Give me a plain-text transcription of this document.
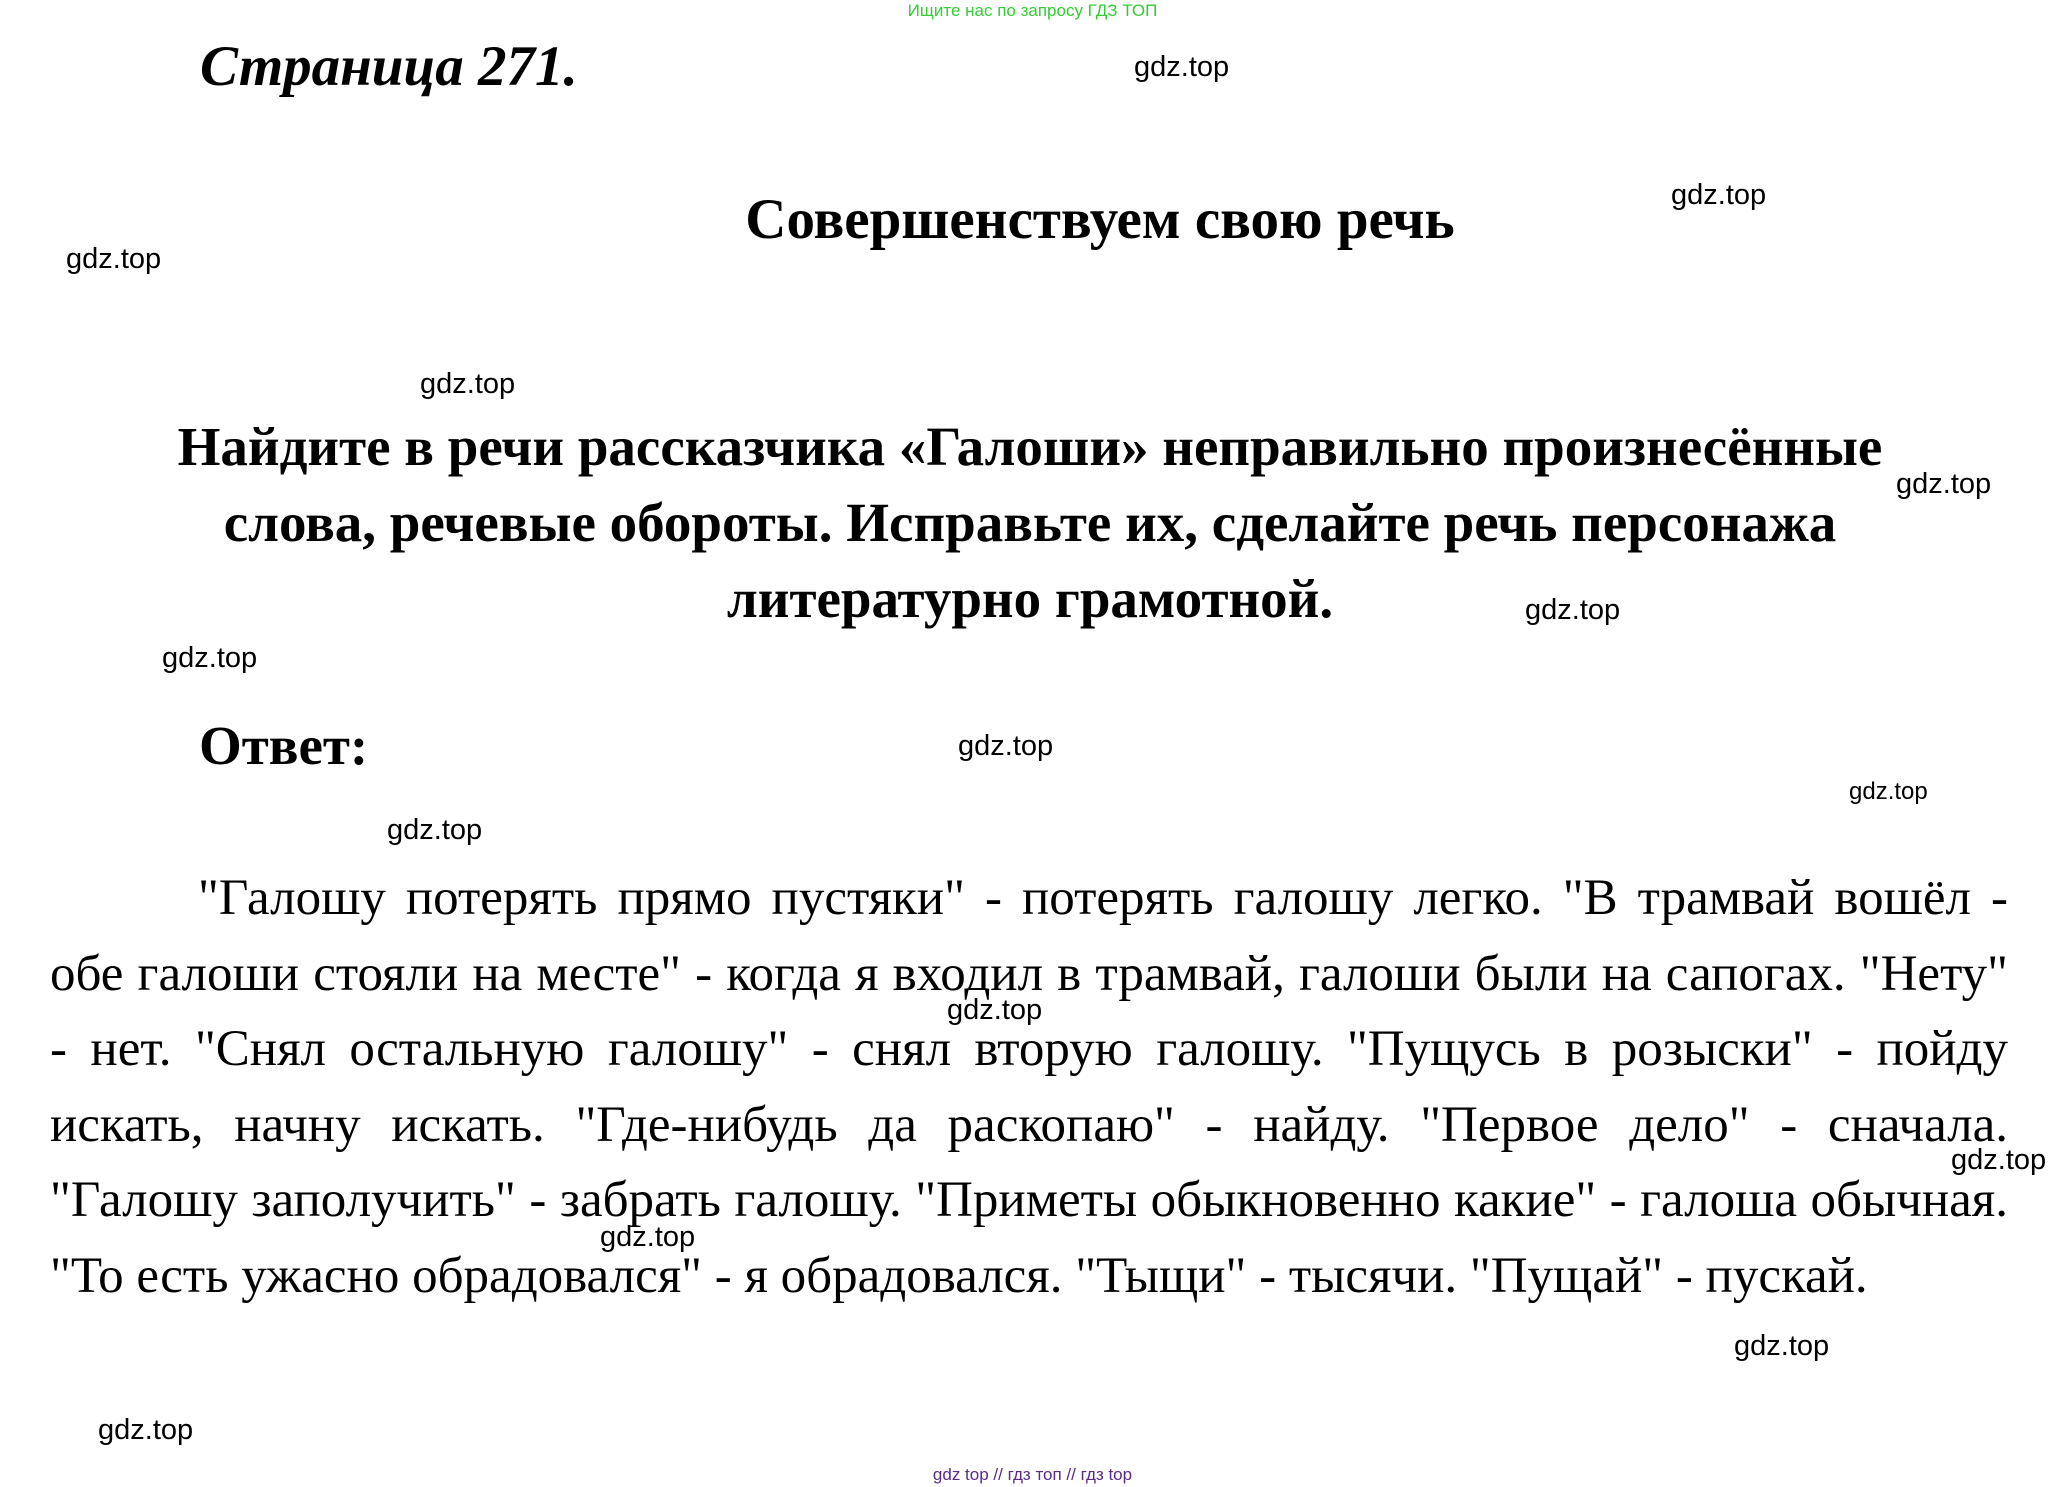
Ищите нас по запросу ГДЗ ТОП
Страница 271.
Совершенствуем свою речь
Найдите в речи рассказчика «Галоши» неправильно произнесённые слова, речевые обороты. Исправьте их, сделайте речь персонажа литературно грамотной.
Ответ:

"Галошу потерять прямо пустяки" - потерять галошу легко. "В трамвай вошёл - обе галоши стояли на месте" - когда я входил в трамвай, галоши были на сапогах. "Нету" - нет. "Снял остальную галошу" - снял вторую галошу. "Пущусь в розыски" - пойду искать, начну искать. "Где-нибудь да раскопаю" - найду. "Первое дело" - сначала. "Галошу заполучить" - забрать галошу. "Приметы обыкновенно какие" - галоша обычная. "То есть ужасно обрадовался" - я обрадовался. "Тыщи" - тысячи. "Пущай" - пускай.

gdz.top
gdz.top
gdz.top
gdz.top
gdz.top
gdz.top
gdz.top
gdz.top
gdz.top
gdz.top
gdz.top
gdz.top
gdz.top
gdz.top
gdz.top
gdz top // гдз топ // гдз top
